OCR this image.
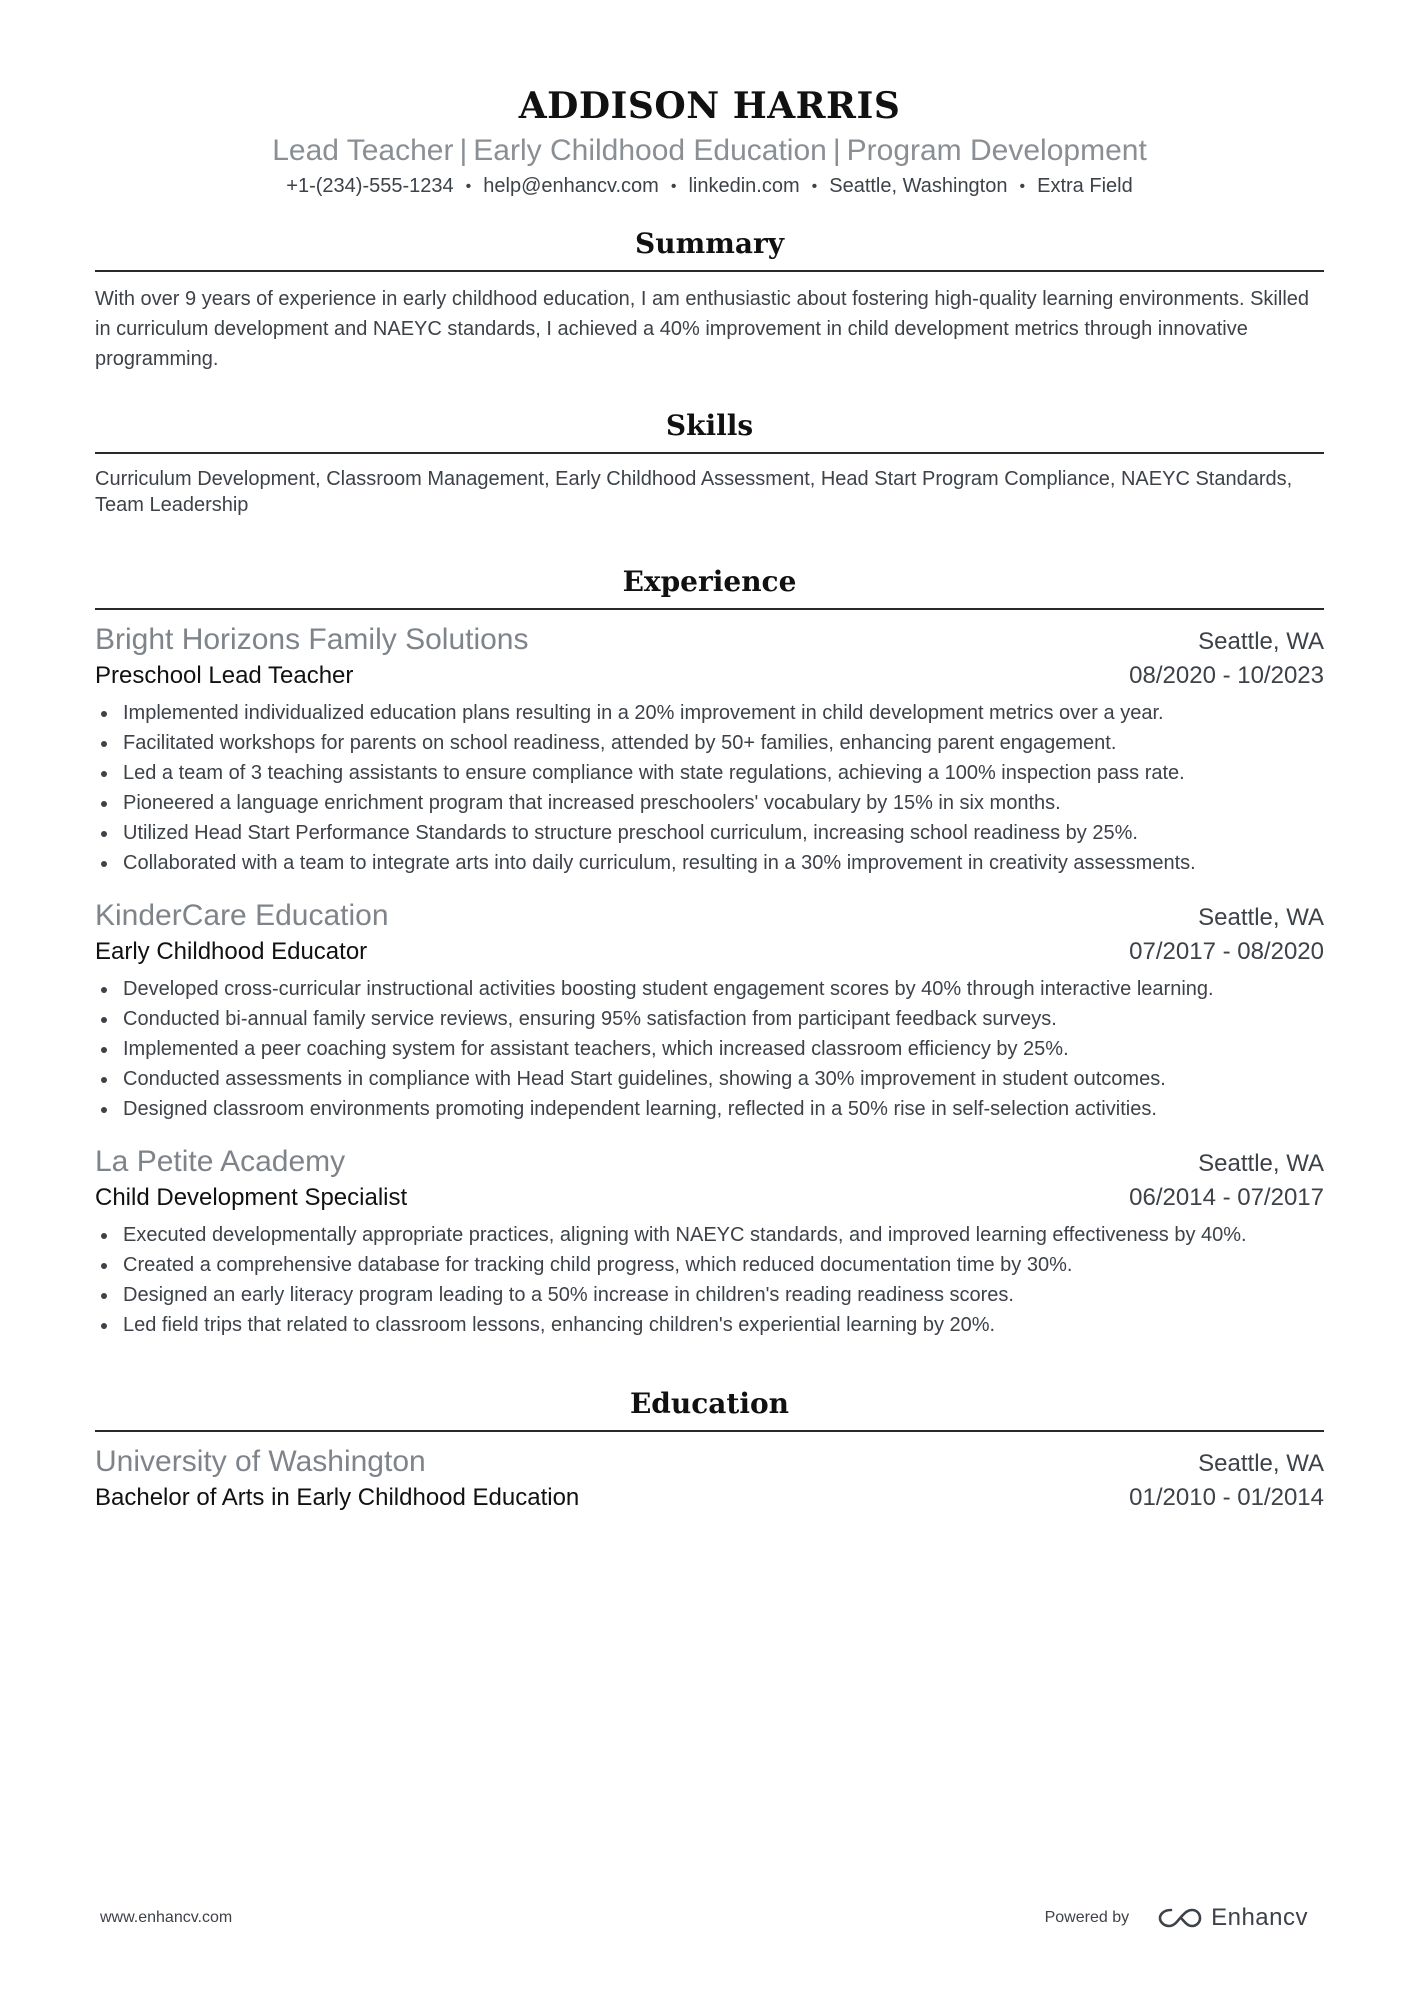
ADDISON HARRIS
Lead Teacher | Early Childhood Education | Program Development
+1-(234)-555-1234 • help@enhancv.com • linkedin.com • Seattle, Washington • Extra Field
Summary
With over 9 years of experience in early childhood education, I am enthusiastic about fostering high-quality learning environments. Skilled in curriculum development and NAEYC standards, I achieved a 40% improvement in child development metrics through innovative programming.
Skills
Curriculum Development, Classroom Management, Early Childhood Assessment, Head Start Program Compliance, NAEYC Standards, Team Leadership
Experience
Bright Horizons Family Solutions	Seattle, WA
Preschool Lead Teacher	08/2020 - 10/2023
Implemented individualized education plans resulting in a 20% improvement in child development metrics over a year.
Facilitated workshops for parents on school readiness, attended by 50+ families, enhancing parent engagement.
Led a team of 3 teaching assistants to ensure compliance with state regulations, achieving a 100% inspection pass rate.
Pioneered a language enrichment program that increased preschoolers' vocabulary by 15% in six months.
Utilized Head Start Performance Standards to structure preschool curriculum, increasing school readiness by 25%.
Collaborated with a team to integrate arts into daily curriculum, resulting in a 30% improvement in creativity assessments.
KinderCare Education	Seattle, WA
Early Childhood Educator	07/2017 - 08/2020
Developed cross-curricular instructional activities boosting student engagement scores by 40% through interactive learning.
Conducted bi-annual family service reviews, ensuring 95% satisfaction from participant feedback surveys.
Implemented a peer coaching system for assistant teachers, which increased classroom efficiency by 25%.
Conducted assessments in compliance with Head Start guidelines, showing a 30% improvement in student outcomes.
Designed classroom environments promoting independent learning, reflected in a 50% rise in self-selection activities.
La Petite Academy	Seattle, WA
Child Development Specialist	06/2014 - 07/2017
Executed developmentally appropriate practices, aligning with NAEYC standards, and improved learning effectiveness by 40%.
Created a comprehensive database for tracking child progress, which reduced documentation time by 30%.
Designed an early literacy program leading to a 50% increase in children's reading readiness scores.
Led field trips that related to classroom lessons, enhancing children's experiential learning by 20%.
Education
University of Washington	Seattle, WA
Bachelor of Arts in Early Childhood Education	01/2010 - 01/2014
www.enhancv.com	Powered by	Enhancv
